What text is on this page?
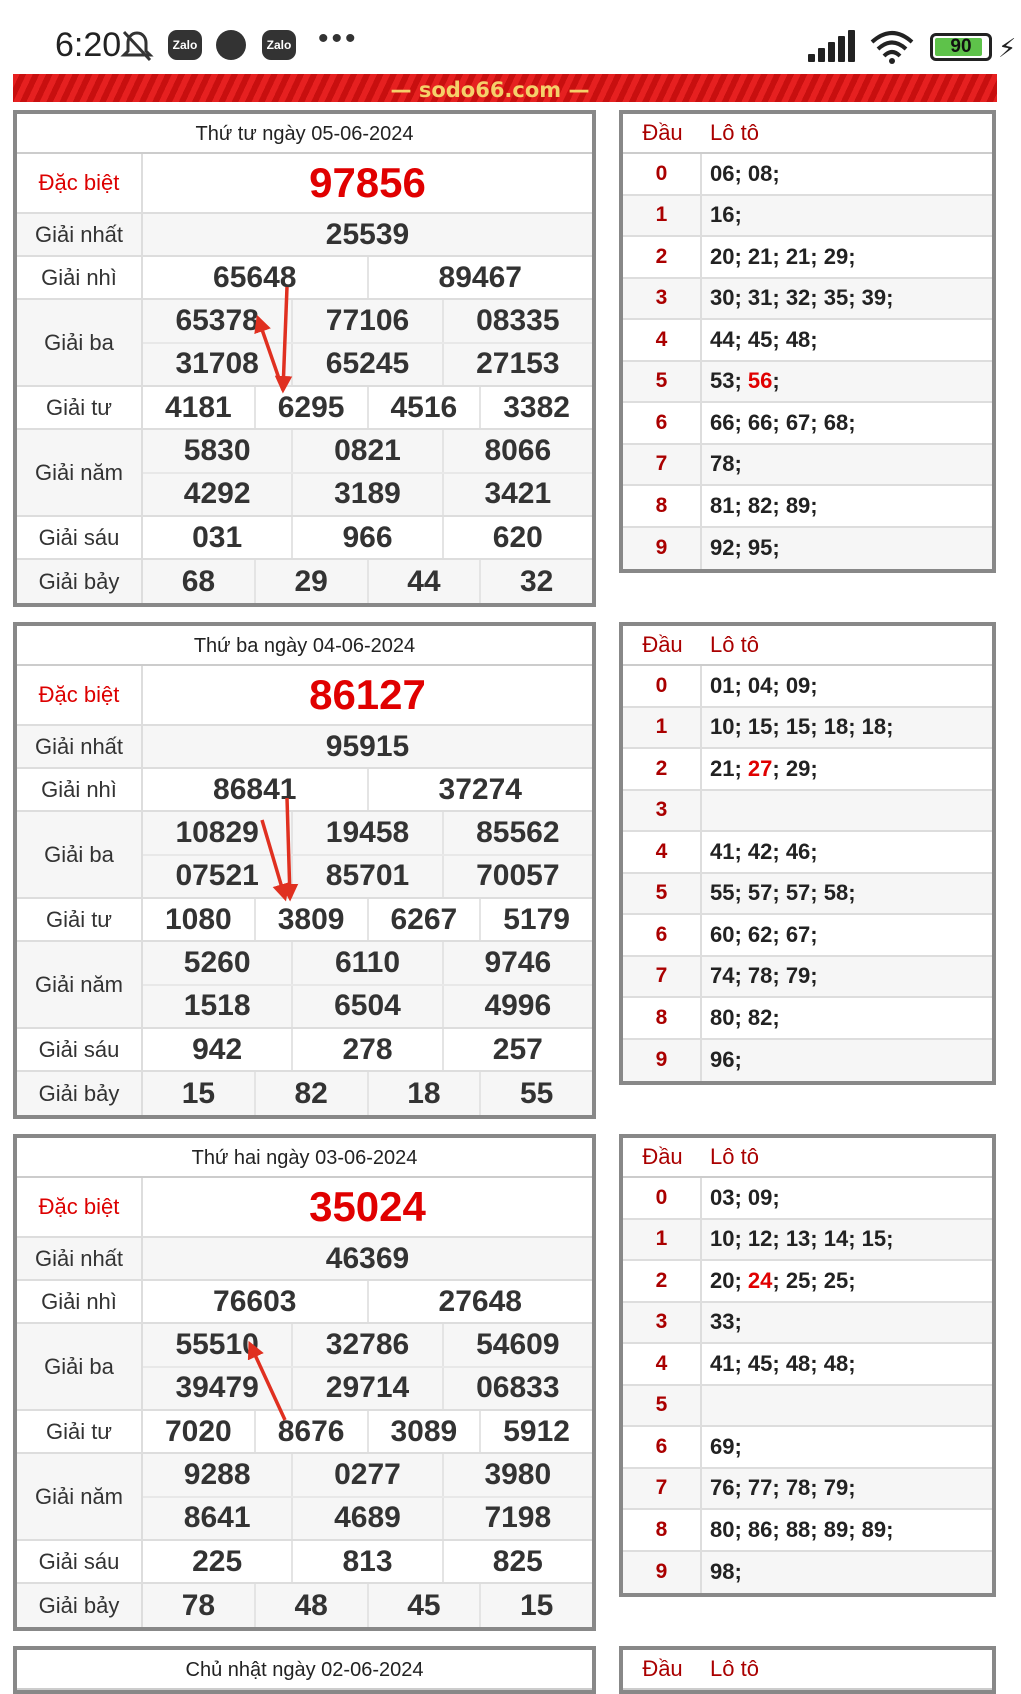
6:20	Zalo	Zalo •••	90	⚡
— sodo66.com —
Thứ tư ngày 05-06-2024
Đặc biệt	97856
Giải nhất	25539
Giải nhì	65648	89467
Giải ba
65378	77106	08335
31708	65245	27153
Giải tư	4181	6295	4516	3382
Giải năm
5830	0821	8066
4292	3189	3421
Giải sáu	031	966	620
Giải bảy	68	29	44	32
Đầu	Lô tô
0	06; 08;
1	16;
2	20; 21; 21; 29;
3	30; 31; 32; 35; 39;
4	44; 45; 48;
5	53; 56;
6	66; 66; 67; 68;
7	78;
8	81; 82; 89;
9	92; 95;
Thứ ba ngày 04-06-2024
Đặc biệt	86127
Giải nhất	95915
Giải nhì	86841	37274
Giải ba
10829	19458	85562
07521	85701	70057
Giải tư	1080	3809	6267	5179
Giải năm
5260	6110	9746
1518	6504	4996
Giải sáu	942	278	257
Giải bảy	15	82	18	55
Đầu	Lô tô
0	01; 04; 09;
1	10; 15; 15; 18; 18;
2	21; 27; 29;
3
4	41; 42; 46;
5	55; 57; 57; 58;
6	60; 62; 67;
7	74; 78; 79;
8	80; 82;
9	96;
Thứ hai ngày 03-06-2024
Đặc biệt	35024
Giải nhất	46369
Giải nhì	76603	27648
Giải ba
55510	32786	54609
39479	29714	06833
Giải tư	7020	8676	3089	5912
Giải năm
9288	0277	3980
8641	4689	7198
Giải sáu	225	813	825
Giải bảy	78	48	45	15
Đầu	Lô tô
0	03; 09;
1	10; 12; 13; 14; 15;
2	20; 24; 25; 25;
3	33;
4	41; 45; 48; 48;
5
6	69;
7	76; 77; 78; 79;
8	80; 86; 88; 89; 89;
9	98;
Chủ nhật ngày 02-06-2024	Đầu	Lô tô
